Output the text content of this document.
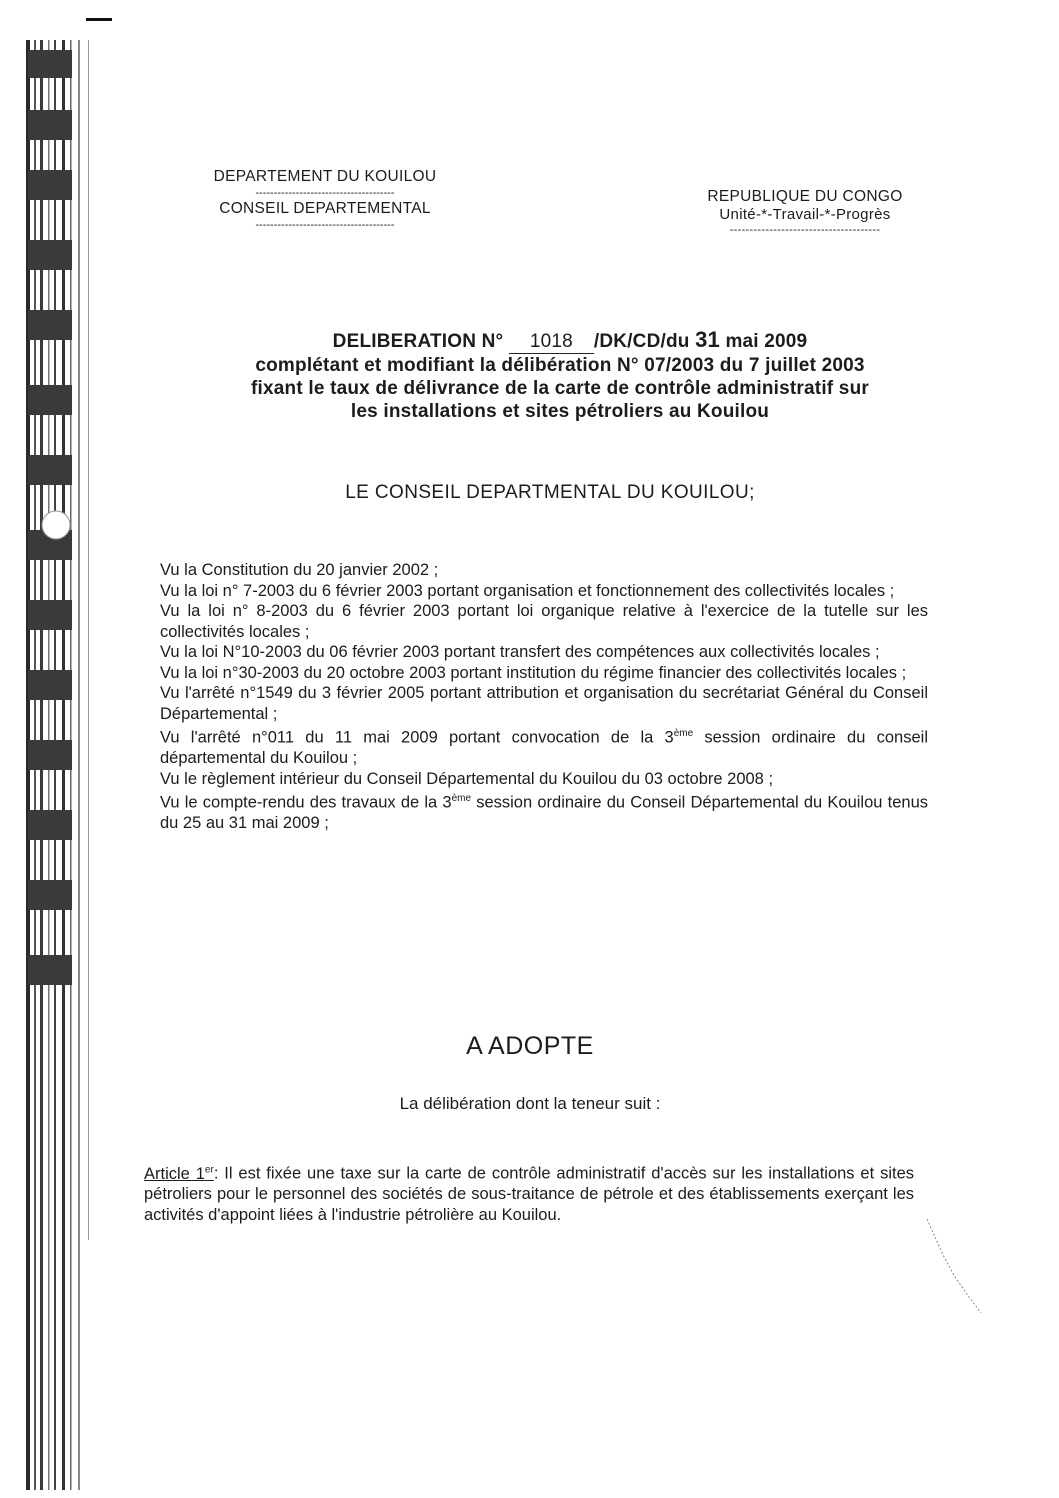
DEPARTEMENT DU KOUILOU
--------------------------------------
CONSEIL DEPARTEMENTAL
--------------------------------------
REPUBLIQUE DU CONGO
Unité-*-Travail-*-Progrès
--------------------------------------
DELIBERATION N° 1018 /DK/CD/du 31 mai 2009
complétant et modifiant la délibération N° 07/2003 du 7 juillet 2003
fixant le taux de délivrance de la carte de contrôle administratif sur
les installations et sites pétroliers au Kouilou
LE CONSEIL DEPARTMENTAL DU KOUILOU;

Vu la Constitution du 20 janvier 2002 ;

Vu la loi n° 7-2003 du 6 février 2003 portant organisation et fonctionnement des collectivités locales ;

Vu la loi n° 8-2003 du 6 février 2003 portant loi organique relative à l'exercice de la tutelle sur les collectivités locales ;

Vu la loi N°10-2003 du 06 février 2003 portant transfert des compétences aux collectivités locales ;

Vu la loi n°30-2003 du 20 octobre 2003 portant institution du régime financier des collectivités locales ;

Vu l'arrêté n°1549 du 3 février 2005 portant attribution et organisation du secrétariat Général du Conseil Départemental ;

Vu l'arrêté n°011 du 11 mai 2009 portant convocation de la 3ème session ordinaire du conseil départemental du Kouilou ;

Vu le règlement intérieur du Conseil Départemental du Kouilou du 03 octobre 2008 ;

Vu le compte-rendu des travaux de la 3ème session ordinaire du Conseil Départemental du Kouilou tenus du 25 au 31 mai 2009 ;

A ADOPTE
La délibération dont la teneur suit :
Article 1er: Il est fixée une taxe sur la carte de contrôle administratif d'accès sur les installations et sites pétroliers pour le personnel des sociétés de sous-traitance de pétrole et des établissements exerçant les activités d'appoint liées à l'industrie pétrolière au Kouilou.
